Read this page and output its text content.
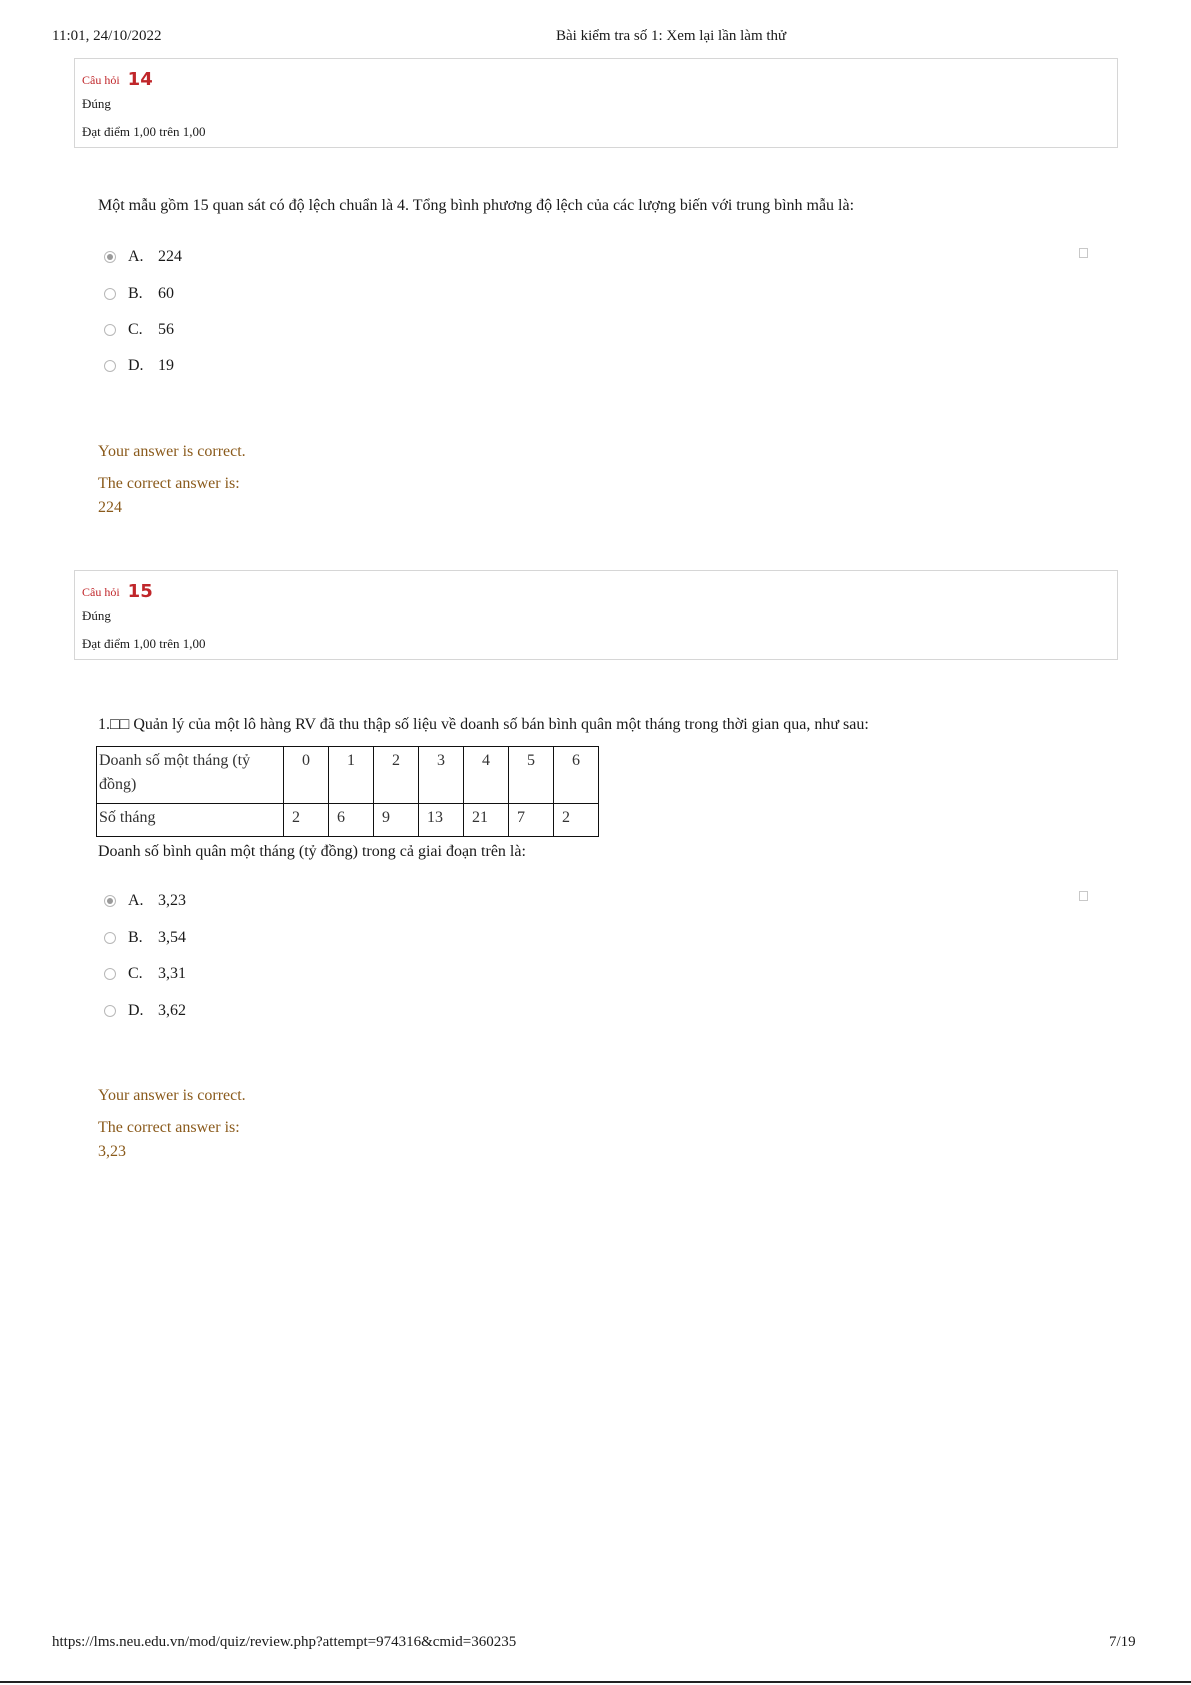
11:01, 24/10/2022	Bài kiểm tra số 1: Xem lại lần làm thử
Câu hỏi 14
Đúng
Đạt điểm 1,00 trên 1,00
Một mẫu gồm 15 quan sát có độ lệch chuẩn là 4. Tổng bình phương độ lệch của các lượng biến với trung bình mẫu là:
A. 224
B. 60
C. 56
D. 19
Your answer is correct.
The correct answer is:
224
Câu hỏi 15
Đúng
Đạt điểm 1,00 trên 1,00
1.□□ Quản lý của một lô hàng RV đã thu thập số liệu về doanh số bán bình quân một tháng trong thời gian qua, như sau:
Doanh số một tháng (tỷ đồng)	0	1	2	3	4	5	6
Số tháng	2	6	9	13	21	7	2
Doanh số bình quân một tháng (tỷ đồng) trong cả giai đoạn trên là:
A. 3,23
B. 3,54
C. 3,31
D. 3,62
Your answer is correct.
The correct answer is:
3,23
https://lms.neu.edu.vn/mod/quiz/review.php?attempt=974316&cmid=360235	7/19
